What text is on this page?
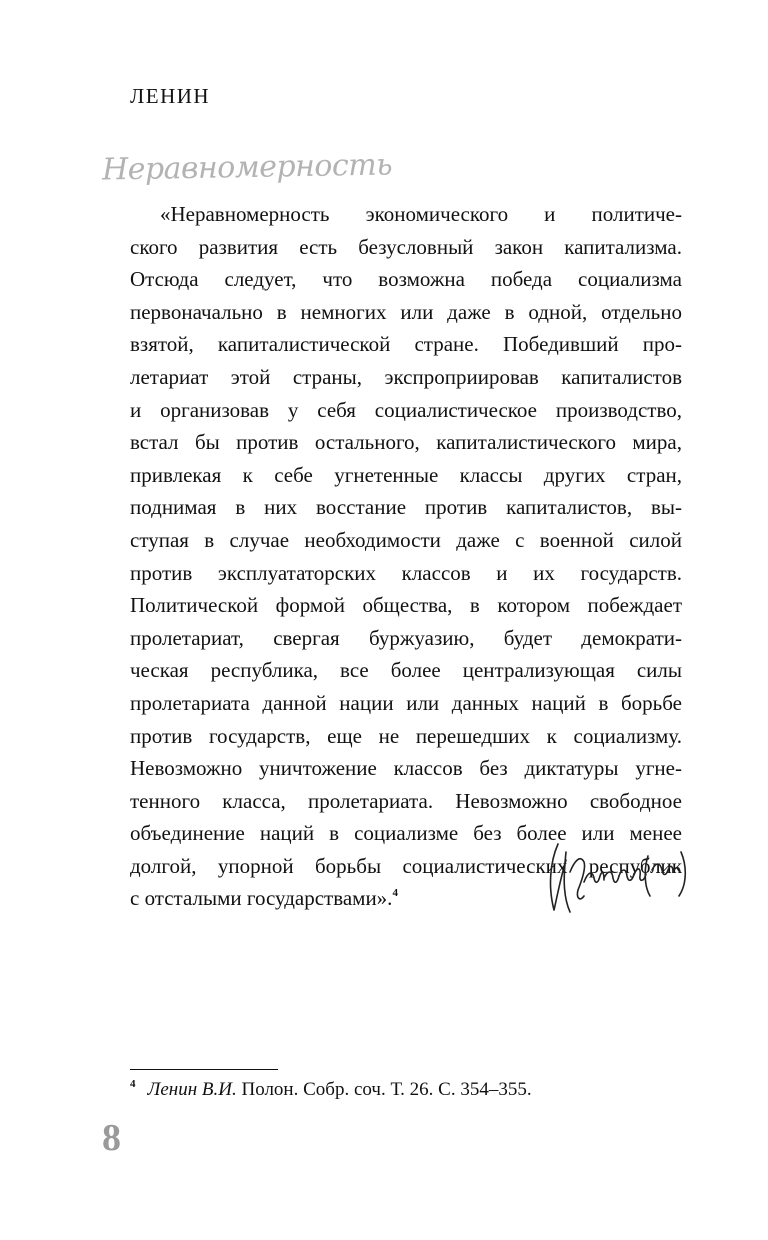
ЛЕНИН
Неравномерность
«Неравномерность экономического и политиче-
ского развития есть безусловный закон капитализма.
Отсюда следует, что возможна победа социализма
первоначально в немногих или даже в одной, отдельно
взятой, капиталистической стране. Победивший про-
летариат этой страны, экспроприировав капиталистов
и организовав у себя социалистическое производство,
встал бы против остального, капиталистического мира,
привлекая к себе угнетенные классы других стран,
поднимая в них восстание против капиталистов, вы-
ступая в случае необходимости даже с военной силой
против эксплуататорских классов и их государств.
Политической формой общества, в котором побеждает
пролетариат, свергая буржуазию, будет демократи-
ческая республика, все более централизующая силы
пролетариата данной нации или данных наций в борьбе
против государств, еще не перешедших к социализму.
Невозможно уничтожение классов без диктатуры угне-
тенного класса, пролетариата. Невозможно свободное
объединение наций в социализме без более или менее
долгой, упорной борьбы социалистических республик
с отсталыми государствами».$^4$
$^4$ Ленин В.И. Полон. Собр. соч. Т. 26. С. 354–355.
8
